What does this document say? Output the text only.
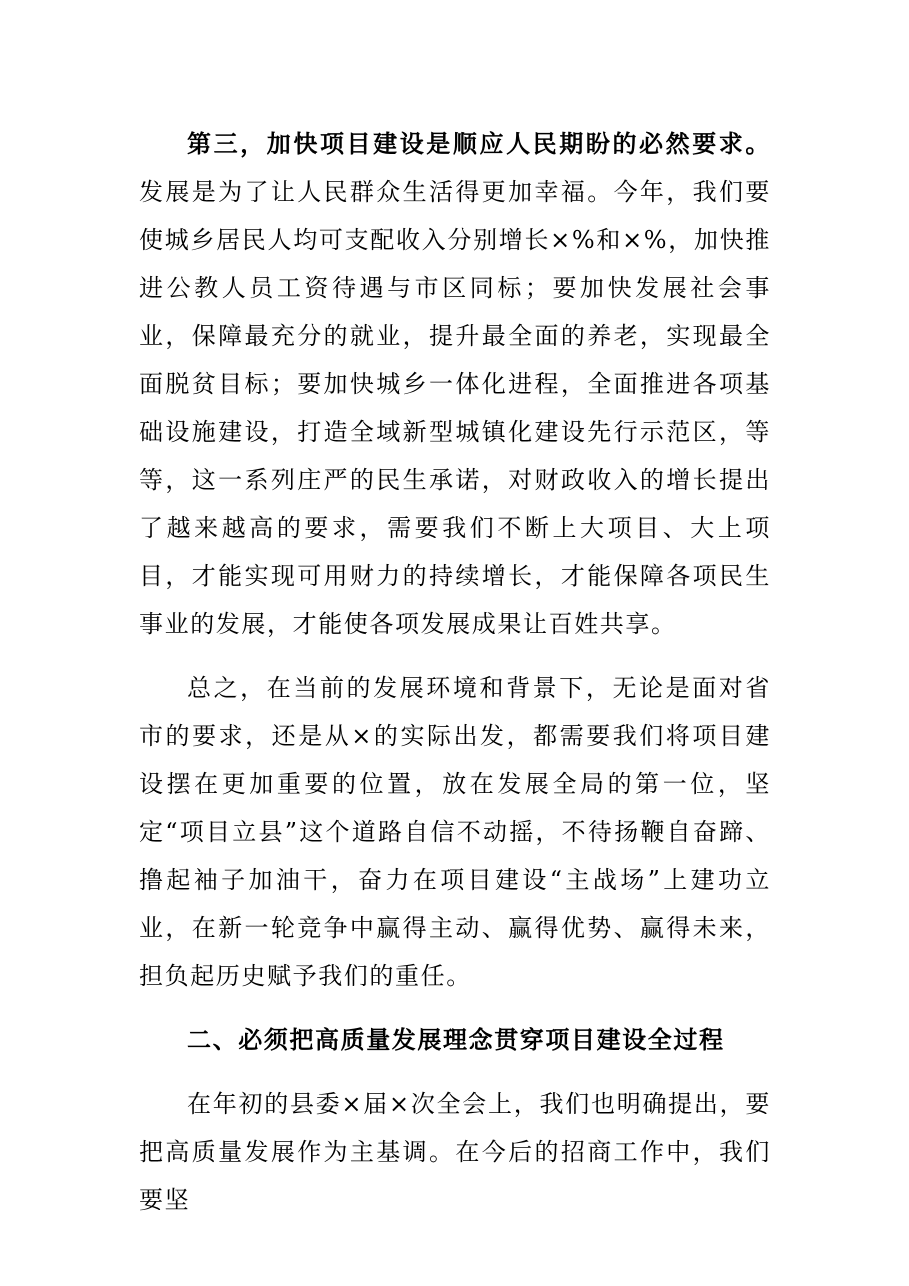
第三，加快项目建设是顺应人民期盼的必然要求。发展是为了让人民群众生活得更加幸福。今年，我们要使城乡居民人均可支配收入分别增长×%和×%，加快推进公教人员工资待遇与市区同标；要加快发展社会事业，保障最充分的就业，提升最全面的养老，实现最全面脱贫目标；要加快城乡一体化进程，全面推进各项基础设施建设，打造全域新型城镇化建设先行示范区，等等，这一系列庄严的民生承诺，对财政收入的增长提出了越来越高的要求，需要我们不断上大项目、大上项目，才能实现可用财力的持续增长，才能保障各项民生事业的发展，才能使各项发展成果让百姓共享。

总之，在当前的发展环境和背景下，无论是面对省市的要求，还是从×的实际出发，都需要我们将项目建设摆在更加重要的位置，放在发展全局的第一位，坚定“项目立县”这个道路自信不动摇，不待扬鞭自奋蹄、撸起袖子加油干，奋力在项目建设“主战场”上建功立业，在新一轮竞争中赢得主动、赢得优势、赢得未来，担负起历史赋予我们的重任。

二、必须把高质量发展理念贯穿项目建设全过程

在年初的县委×届×次全会上，我们也明确提出，要把高质量发展作为主基调。在今后的招商工作中，我们要坚
